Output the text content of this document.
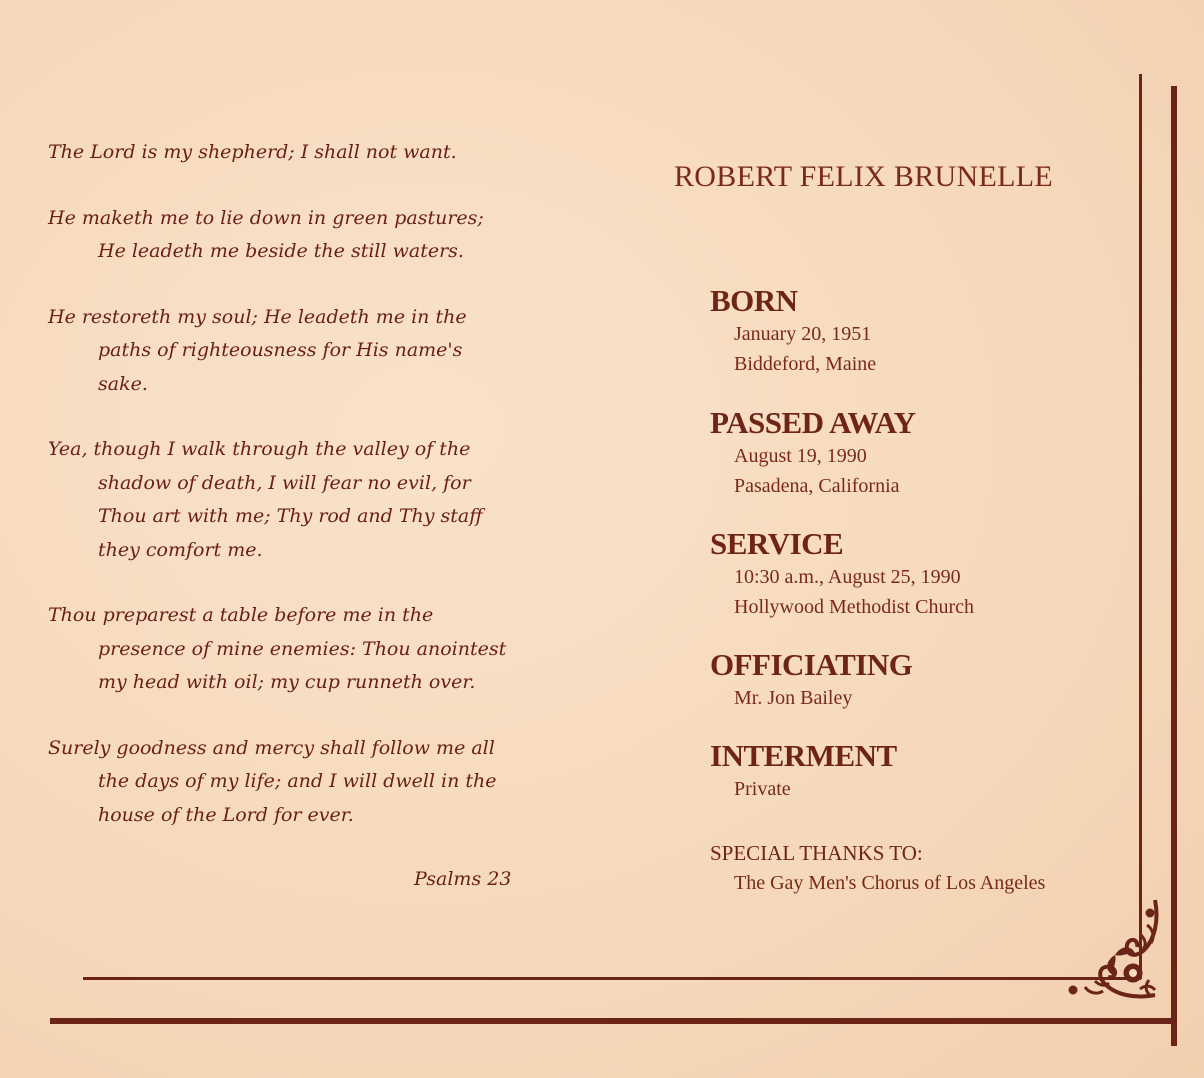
The Lord is my shepherd; I shall not want.

He maketh me to lie down in green pastures;
He leadeth me beside the still waters.

He restoreth my soul; He leadeth me in the
paths of righteousness for His name's
sake.

Yea, though I walk through the valley of the
shadow of death, I will fear no evil, for
Thou art with me; Thy rod and Thy staff
they comfort me.

Thou preparest a table before me in the
presence of mine enemies: Thou anointest
my head with oil; my cup runneth over.

Surely goodness and mercy shall follow me all
the days of my life; and I will dwell in the
house of the Lord for ever.

Psalms 23
ROBERT FELIX BRUNELLE
BORN
January 20, 1951
Biddeford, Maine
PASSED AWAY
August 19, 1990
Pasadena, California
SERVICE
10:30 a.m., August 25, 1990
Hollywood Methodist Church
OFFICIATING
Mr. Jon Bailey
INTERMENT
Private
SPECIAL THANKS TO:
The Gay Men's Chorus of Los Angeles
